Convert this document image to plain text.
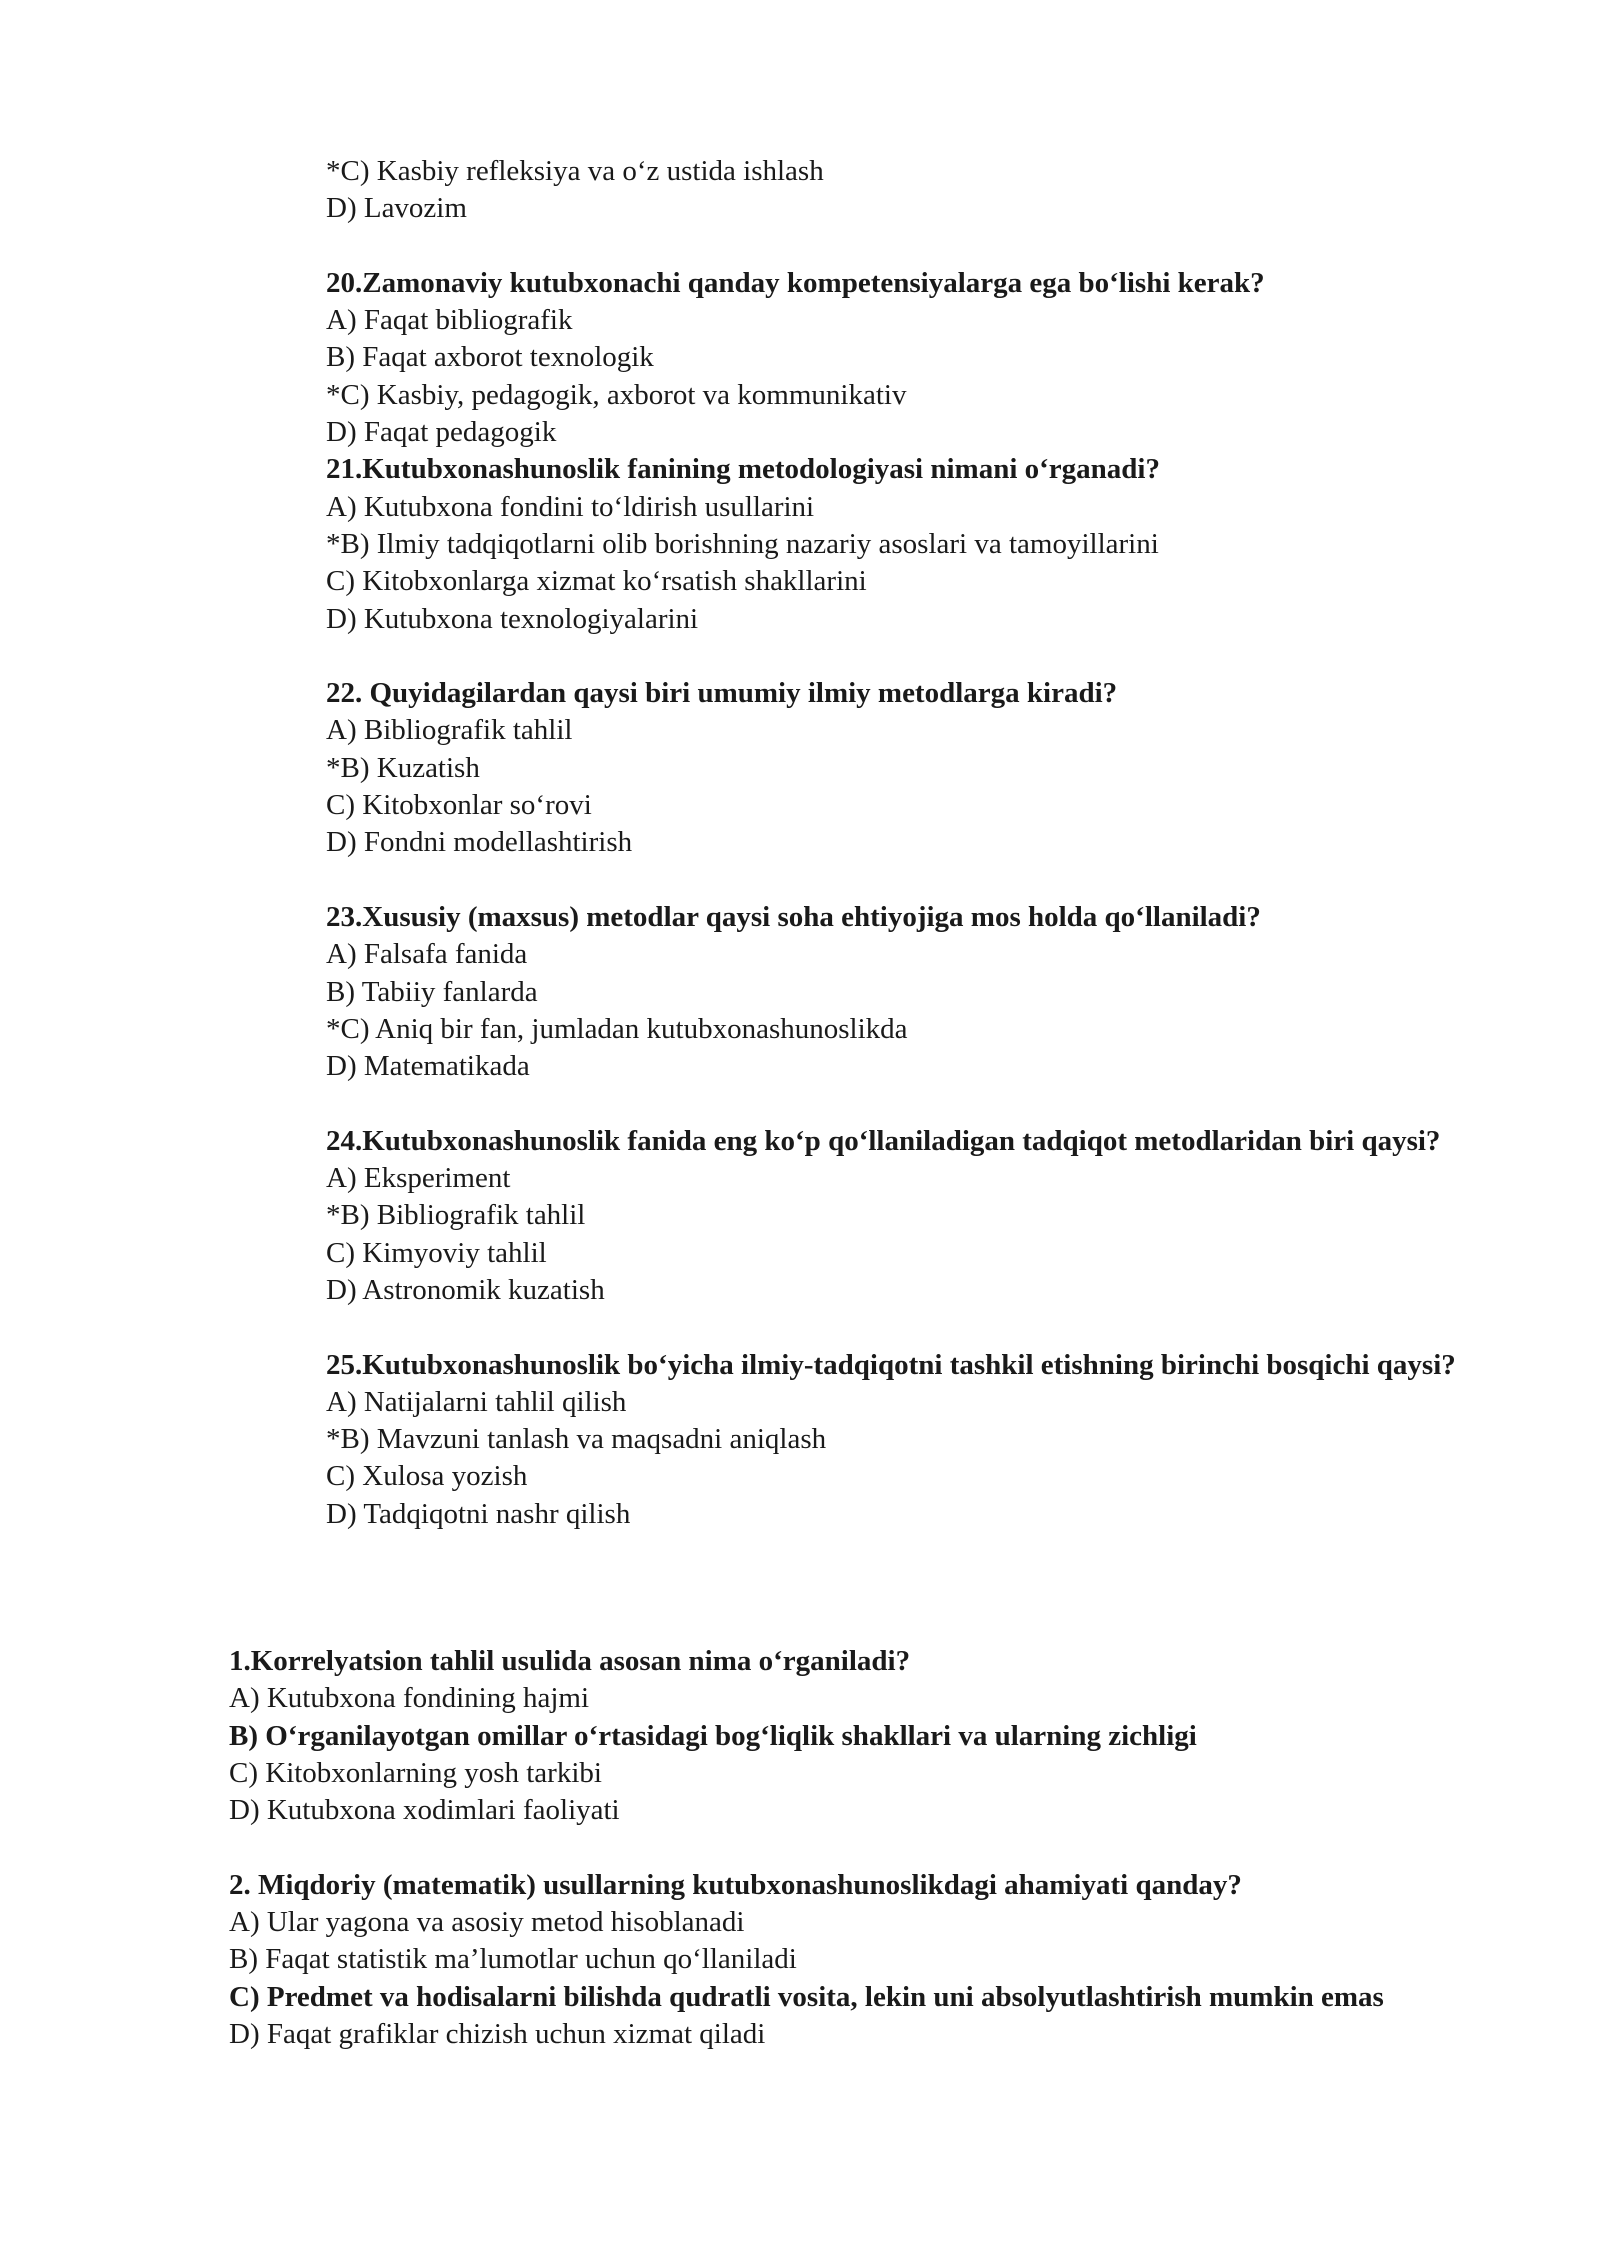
*C) Kasbiy refleksiya va o‘z ustida ishlash

D) Lavozim

20.Zamonaviy kutubxonachi qanday kompetensiyalarga ega bo‘lishi kerak?

A) Faqat bibliografik

B) Faqat axborot texnologik

*C) Kasbiy, pedagogik, axborot va kommunikativ

D) Faqat pedagogik

21.Kutubxonashunoslik fanining metodologiyasi nimani o‘rganadi?

A) Kutubxona fondini to‘ldirish usullarini

*B) Ilmiy tadqiqotlarni olib borishning nazariy asoslari va tamoyillarini

C) Kitobxonlarga xizmat ko‘rsatish shakllarini

D) Kutubxona texnologiyalarini

22. Quyidagilardan qaysi biri umumiy ilmiy metodlarga kiradi?

A) Bibliografik tahlil

*B) Kuzatish

C) Kitobxonlar so‘rovi

D) Fondni modellashtirish

23.Xususiy (maxsus) metodlar qaysi soha ehtiyojiga mos holda qo‘llaniladi?

A) Falsafa fanida

B) Tabiiy fanlarda

*C) Aniq bir fan, jumladan kutubxonashunoslikda

D) Matematikada

24.Kutubxonashunoslik fanida eng ko‘p qo‘llaniladigan tadqiqot metodlaridan biri qaysi?

A) Eksperiment

*B) Bibliografik tahlil

C) Kimyoviy tahlil

D) Astronomik kuzatish

25.Kutubxonashunoslik bo‘yicha ilmiy-tadqiqotni tashkil etishning birinchi bosqichi qaysi?

A) Natijalarni tahlil qilish

*B) Mavzuni tanlash va maqsadni aniqlash

C) Xulosa yozish

D) Tadqiqotni nashr qilish

1.Korrelyatsion tahlil usulida asosan nima o‘rganiladi?

A) Kutubxona fondining hajmi

B) O‘rganilayotgan omillar o‘rtasidagi bog‘liqlik shakllari va ularning zichligi

C) Kitobxonlarning yosh tarkibi

D) Kutubxona xodimlari faoliyati

2. Miqdoriy (matematik) usullarning kutubxonashunoslikdagi ahamiyati qanday?

A) Ular yagona va asosiy metod hisoblanadi

B) Faqat statistik ma’lumotlar uchun qo‘llaniladi

C) Predmet va hodisalarni bilishda qudratli vosita, lekin uni absolyutlashtirish mumkin emas

D) Faqat grafiklar chizish uchun xizmat qiladi
